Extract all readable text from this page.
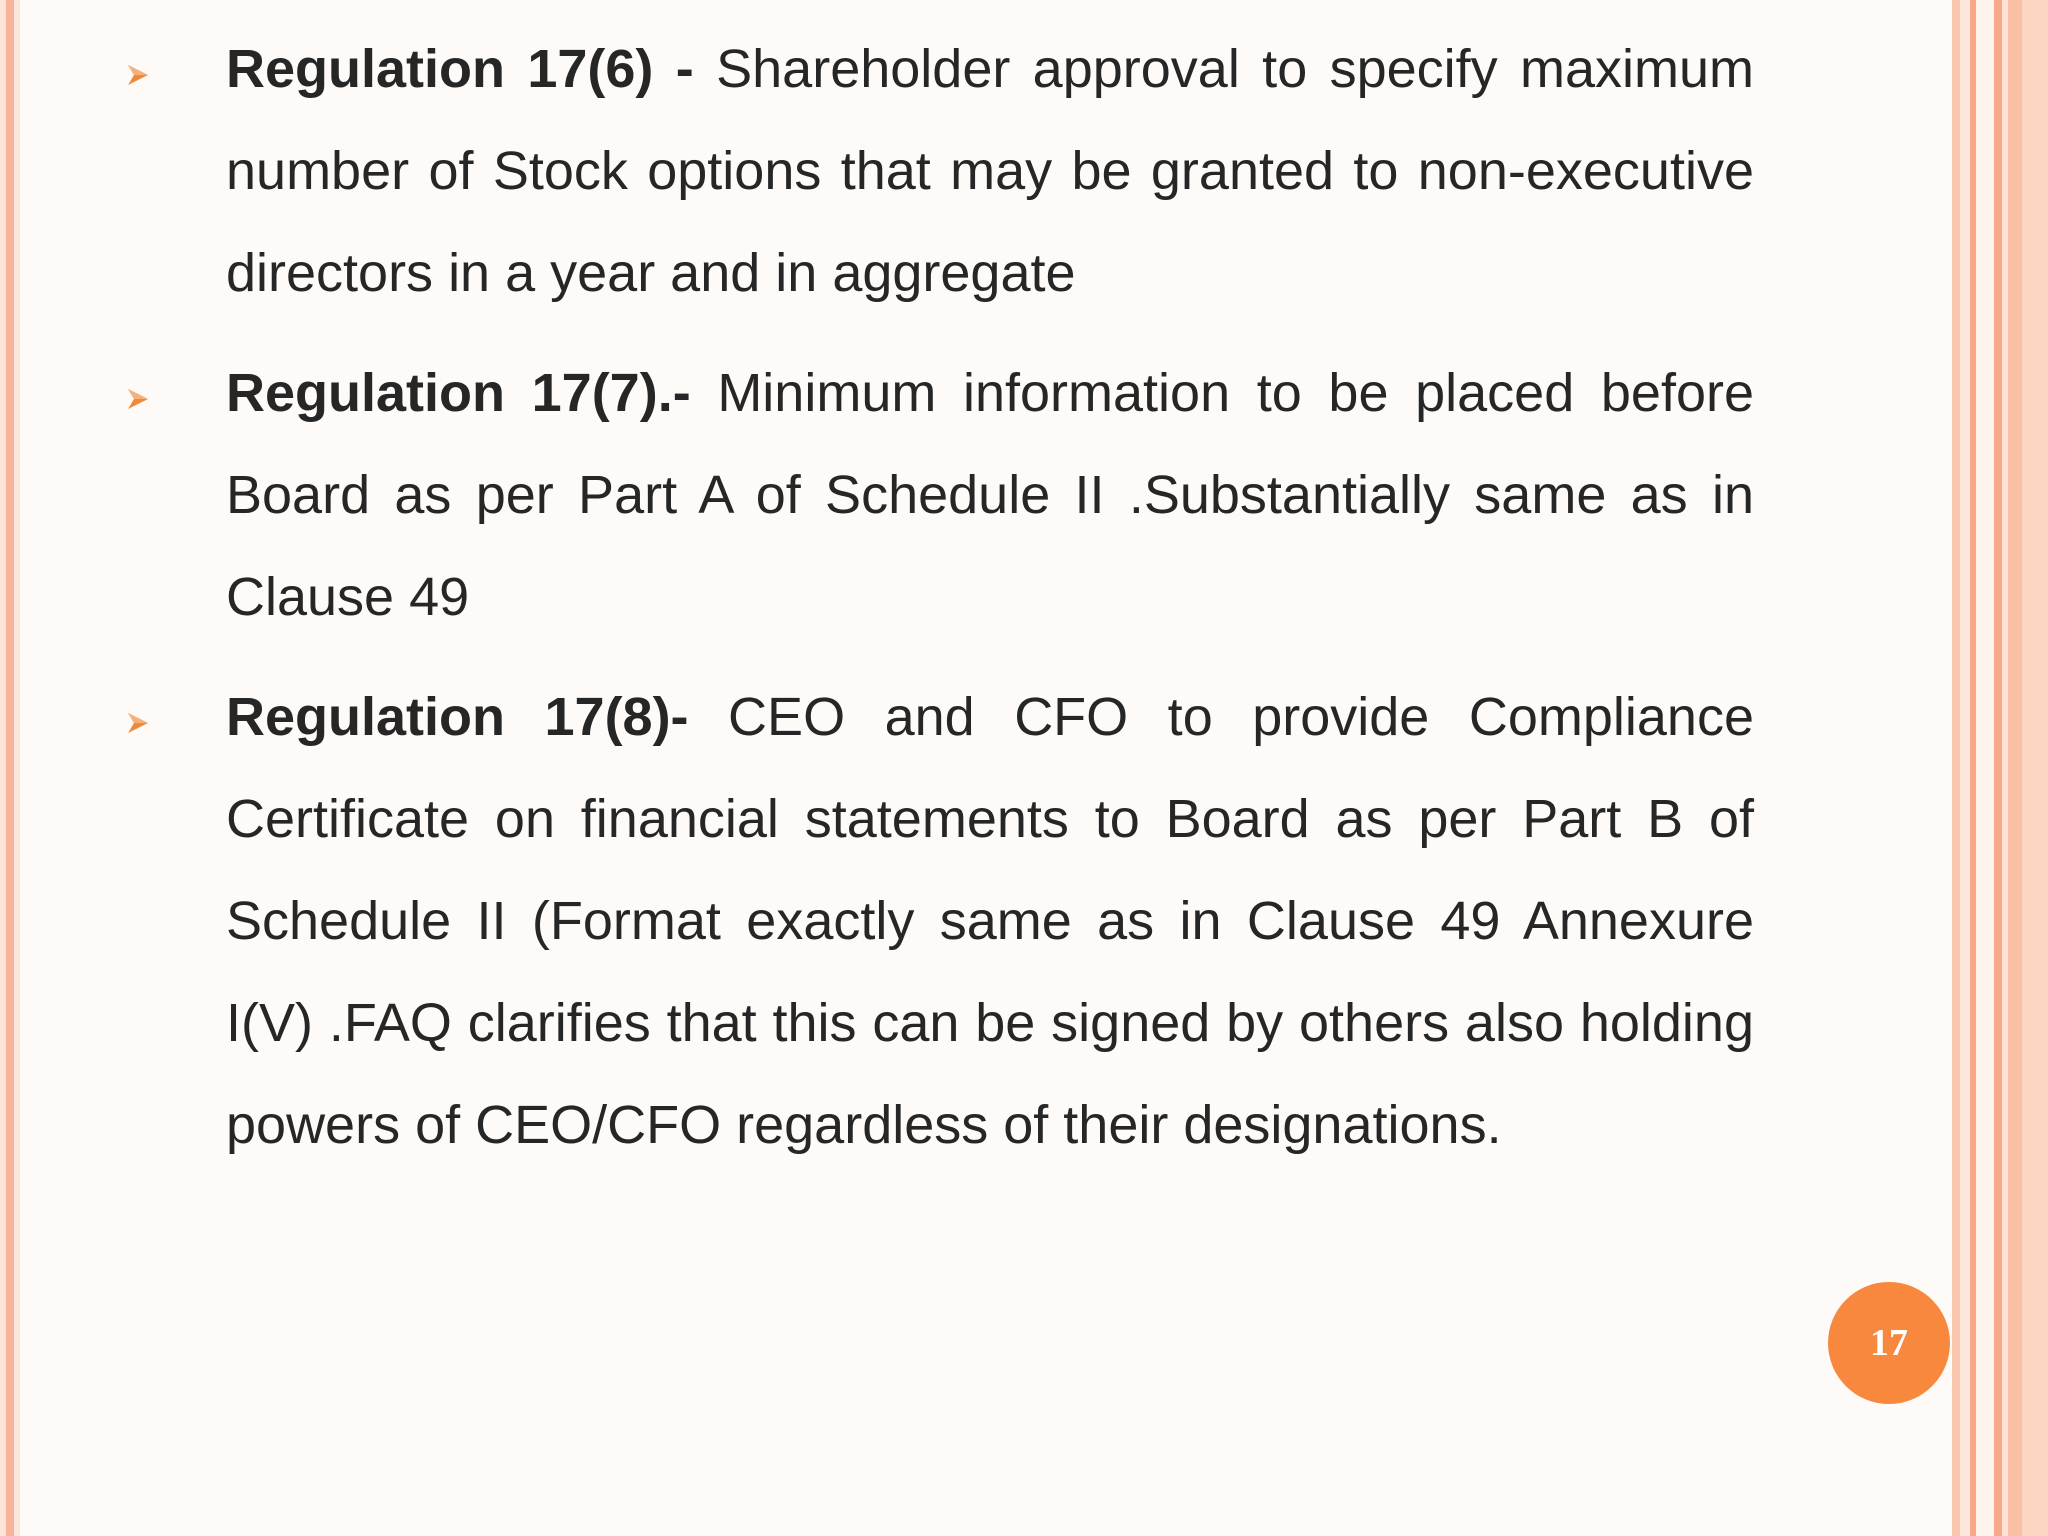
Regulation 17(6) - Shareholder approval to specify maximum number of Stock options that may be granted to non-executive directors in a year and in aggregate
Regulation 17(7).- Minimum information to be placed before Board as per Part A of Schedule II .Substantially same as in Clause 49
Regulation 17(8)- CEO and CFO to provide Compliance Certificate on financial statements to Board as per Part B of Schedule II (Format exactly same as in Clause 49 Annexure I(V) .FAQ clarifies that this can be signed by others also holding powers of CEO/CFO regardless of their designations.
17
